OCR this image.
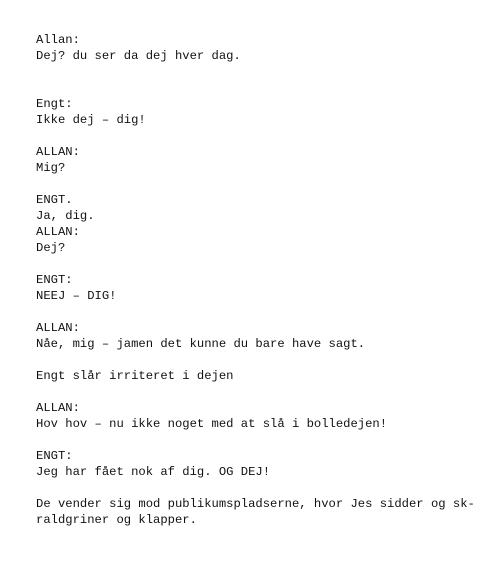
Allan:

Dej? du ser da dej hver dag.

Engt:

Ikke dej – dig!

ALLAN:

Mig?

ENGT.

Ja, dig.

ALLAN:

Dej?

ENGT:

NEEJ – DIG!

ALLAN:

Nåe, mig – jamen det kunne du bare have sagt.

Engt slår irriteret i dejen

ALLAN:

Hov hov – nu ikke noget med at slå i bolledejen!

ENGT:

Jeg har fået nok af dig. OG DEJ!

De vender sig mod publikumspladserne, hvor Jes sidder og sk-

raldgriner og klapper.
